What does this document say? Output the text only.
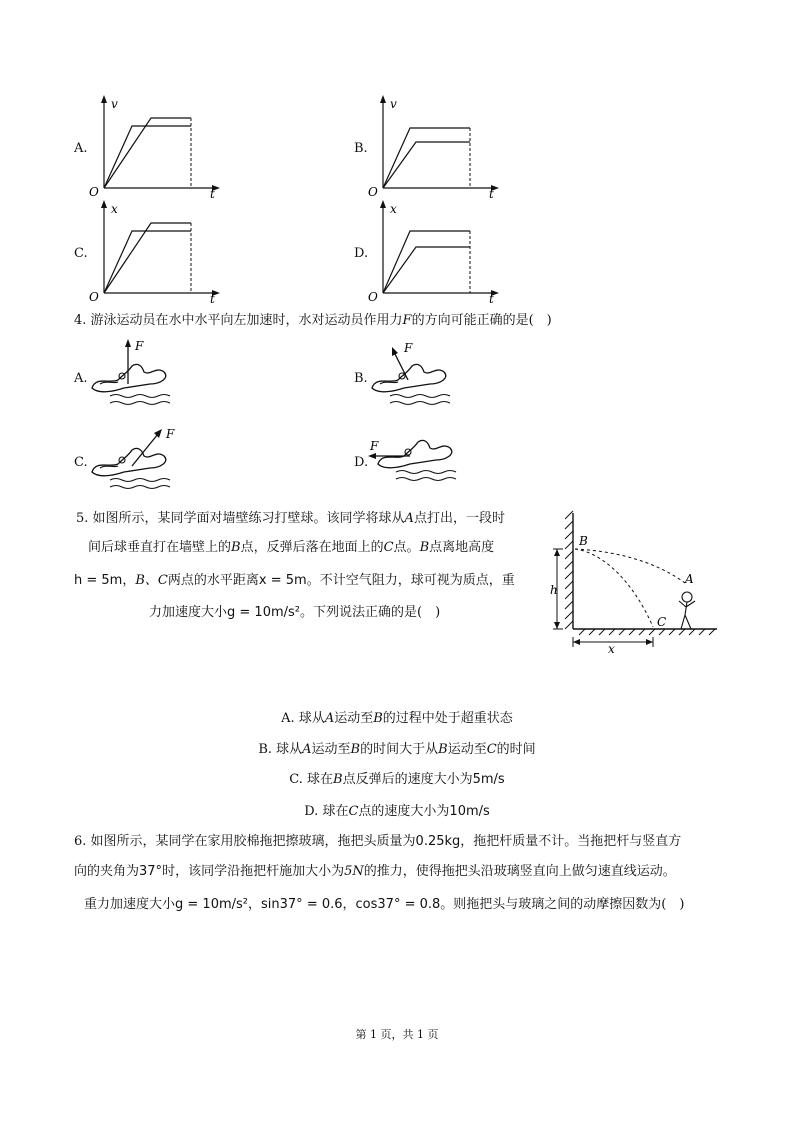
A.
v
t
O
B.
v
t
O
C.
x
t
O
D.
x
t
O
4. 游泳运动员在水中水平向左加速时，水对运动员作用力F的方向可能正确的是(　)
A.
F
B.
F
C.
F
D.
F
5. 如图所示，某同学面对墙壁练习打壁球。该同学将球从A点打出，一段时
间后球垂直打在墙壁上的B点，反弹后落在地面上的C点。B点离地高度
h = 5m，B、C两点的水平距离x = 5m。不计空气阻力，球可视为质点，重
力加速度大小g = 10m/s²。下列说法正确的是(　)
h
x
B
A
C
A. 球从A运动至B的过程中处于超重状态
B. 球从A运动至B的时间大于从B运动至C的时间
C. 球在B点反弹后的速度大小为5m/s
D. 球在C点的速度大小为10m/s
6. 如图所示，某同学在家用胶棉拖把擦玻璃，拖把头质量为0.25kg，拖把杆质量不计。当拖把杆与竖直方
向的夹角为37°时，该同学沿拖把杆施加大小为5N的推力，使得拖把头沿玻璃竖直向上做匀速直线运动。
重力加速度大小g = 10m/s²，sin37° = 0.6，cos37° = 0.8。则拖把头与玻璃之间的动摩擦因数为(　)
第 1 页，共 1 页
